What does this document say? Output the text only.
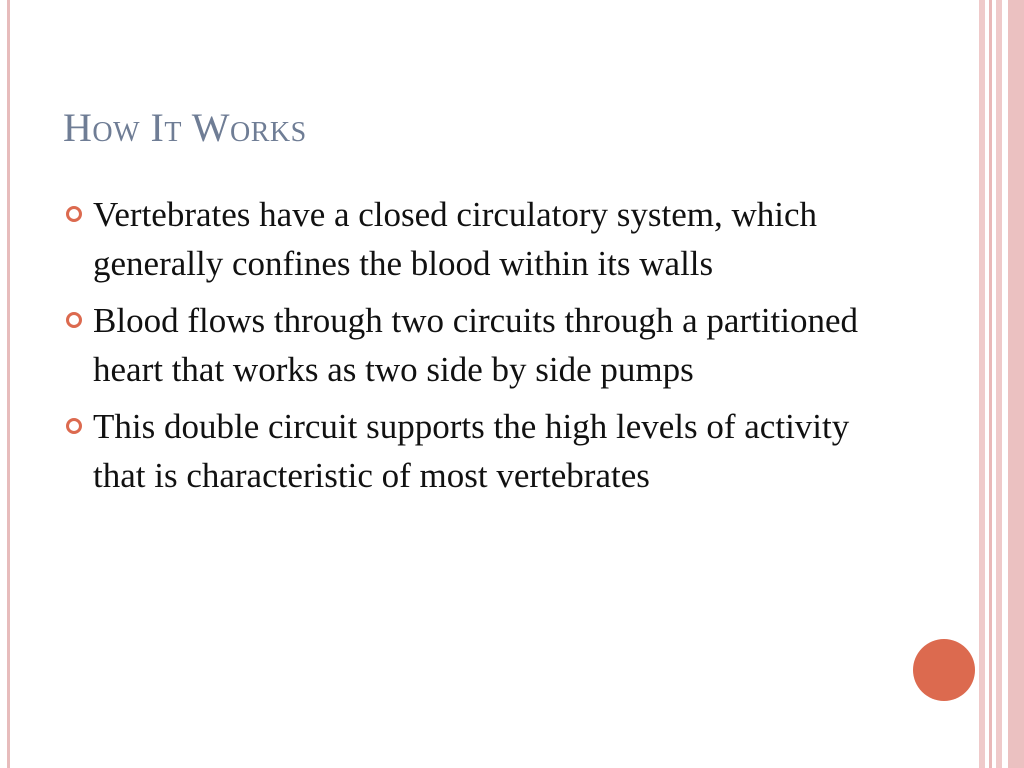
How It Works
Vertebrates have a closed circulatory system, which generally confines the blood within its walls
Blood flows through two circuits through a partitioned heart that works as two side by side pumps
This double circuit supports the high levels of activity that is characteristic of most vertebrates
